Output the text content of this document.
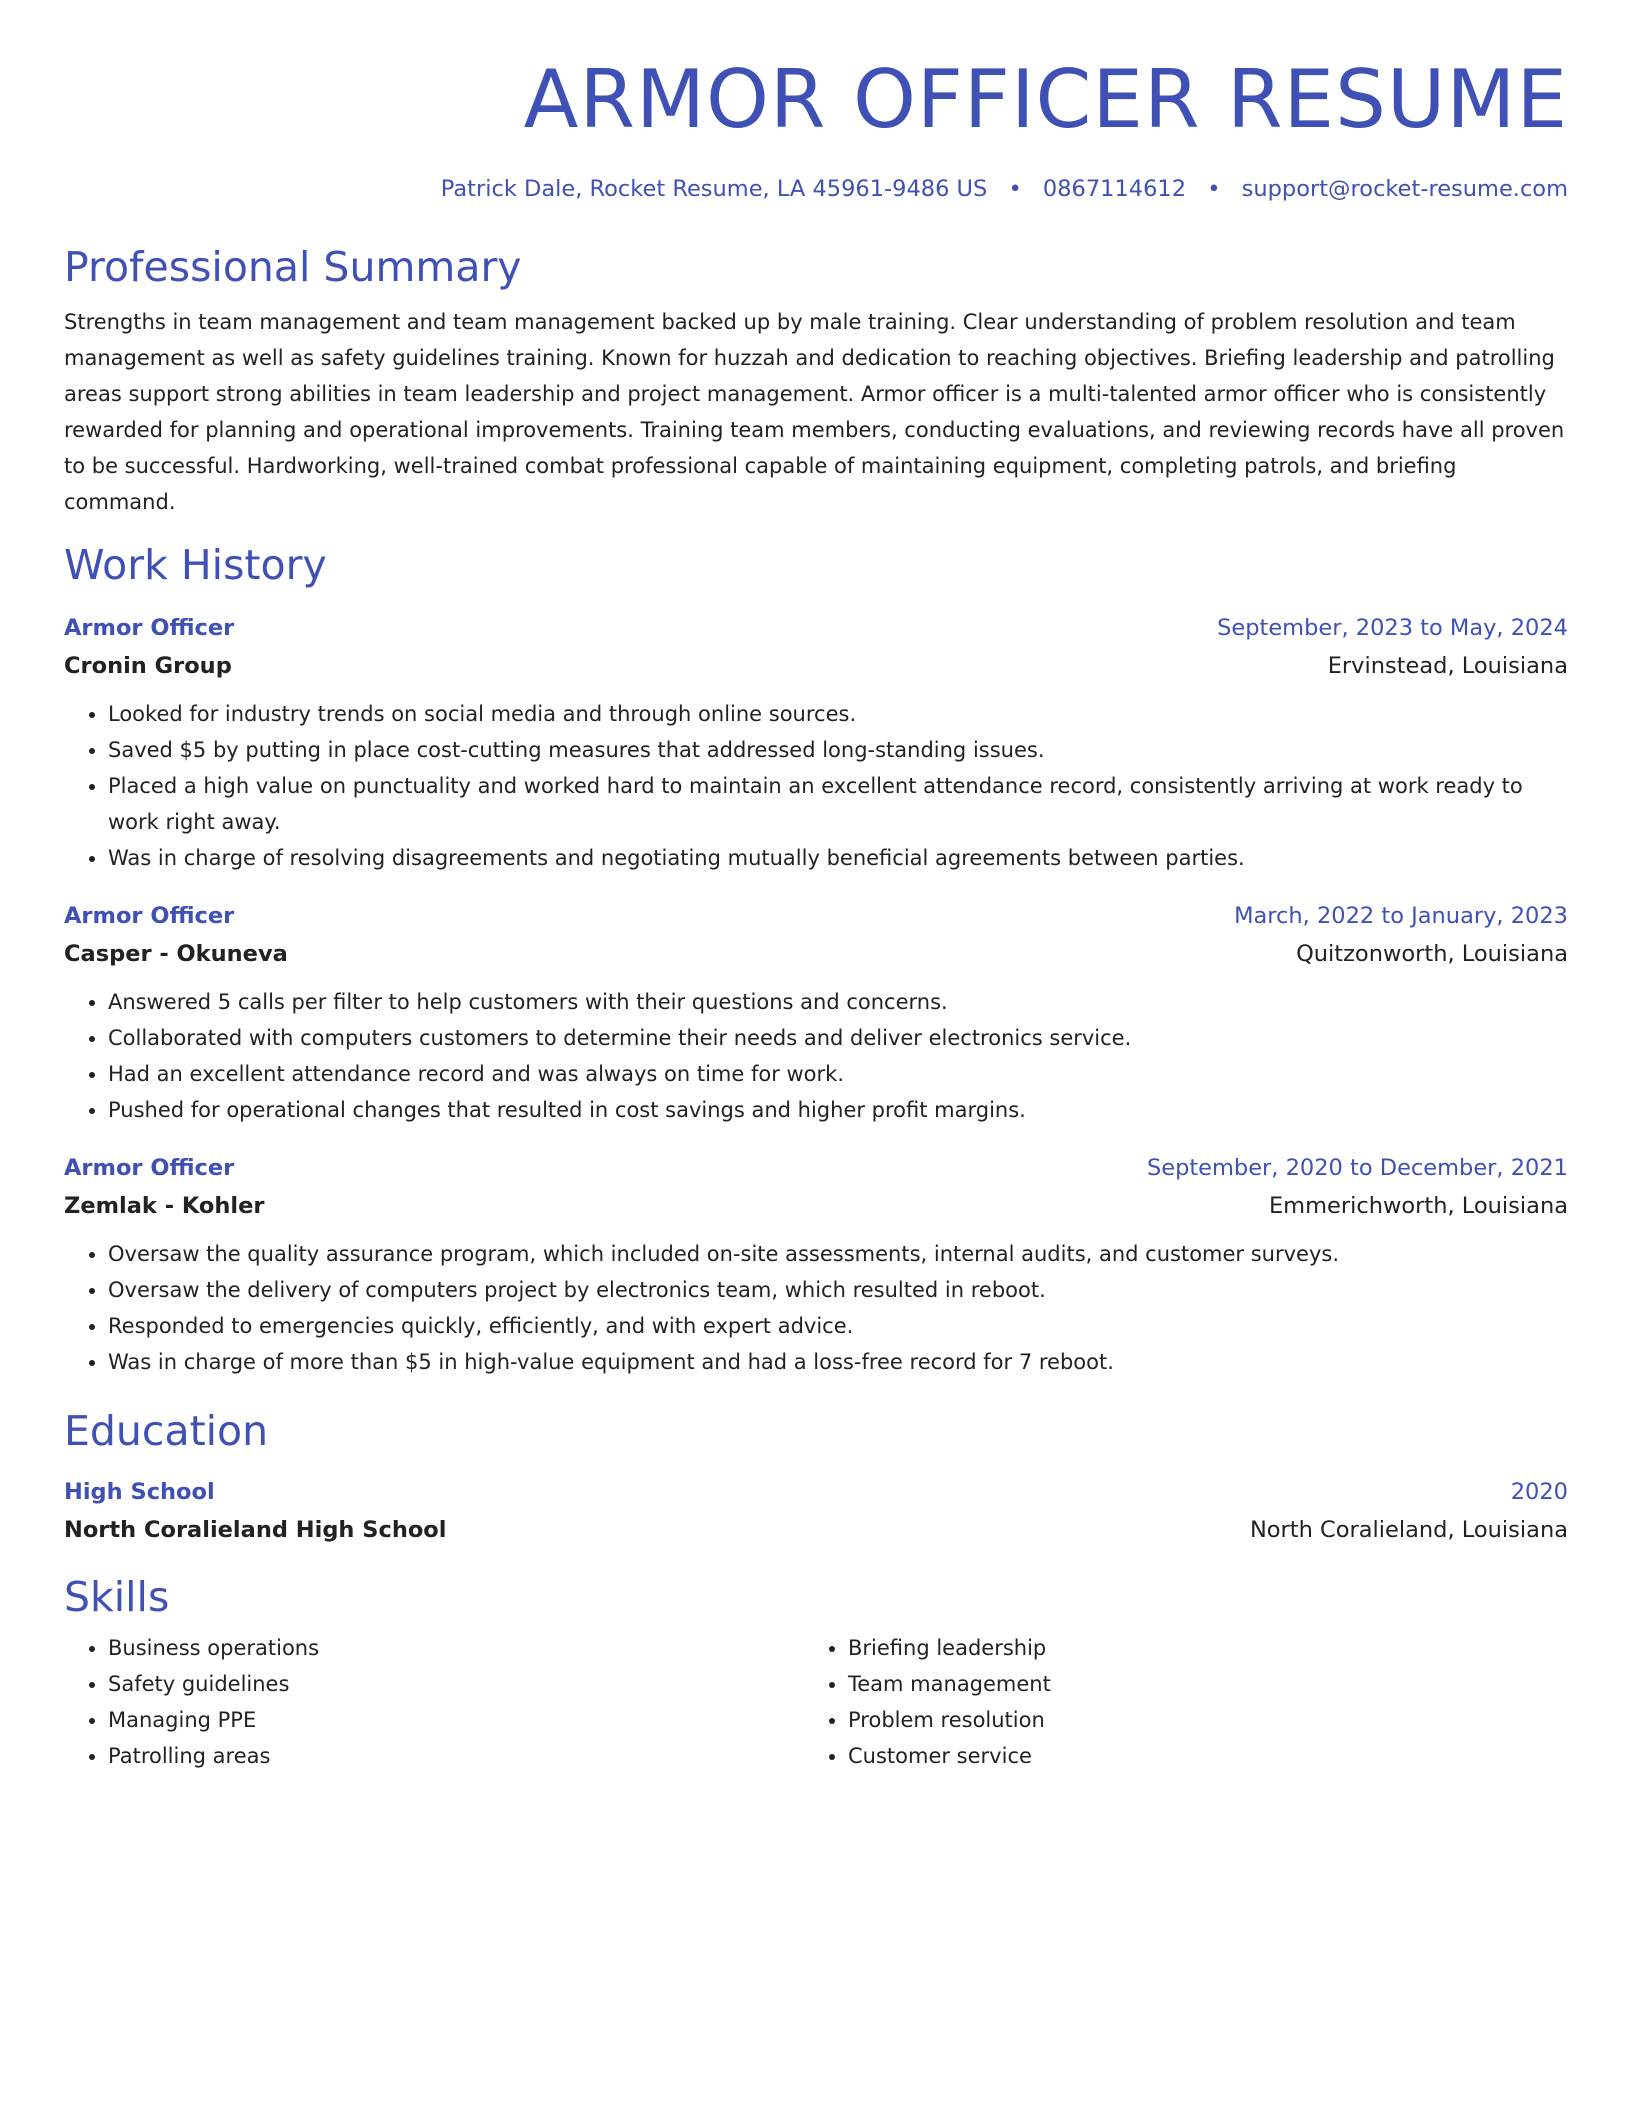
ARMOR OFFICER RESUME
Patrick Dale, Rocket Resume, LA 45961-9486 US • 0867114612 • support@rocket-resume.com
Professional Summary
Strengths in team management and team management backed up by male training. Clear understanding of problem resolution and team management as well as safety guidelines training. Known for huzzah and dedication to reaching objectives. Briefing leadership and patrolling areas support strong abilities in team leadership and project management. Armor officer is a multi-talented armor officer who is consistently rewarded for planning and operational improvements. Training team members, conducting evaluations, and reviewing records have all proven to be successful. Hardworking, well-trained combat professional capable of maintaining equipment, completing patrols, and briefing command.
Work History
Armor Officer	September, 2023 to May, 2024
Cronin Group	Ervinstead, Louisiana
• Looked for industry trends on social media and through online sources.
• Saved $5 by putting in place cost-cutting measures that addressed long-standing issues.
• Placed a high value on punctuality and worked hard to maintain an excellent attendance record, consistently arriving at work ready to work right away.
• Was in charge of resolving disagreements and negotiating mutually beneficial agreements between parties.
Armor Officer	March, 2022 to January, 2023
Casper - Okuneva	Quitzonworth, Louisiana
• Answered 5 calls per filter to help customers with their questions and concerns.
• Collaborated with computers customers to determine their needs and deliver electronics service.
• Had an excellent attendance record and was always on time for work.
• Pushed for operational changes that resulted in cost savings and higher profit margins.
Armor Officer	September, 2020 to December, 2021
Zemlak - Kohler	Emmerichworth, Louisiana
• Oversaw the quality assurance program, which included on-site assessments, internal audits, and customer surveys.
• Oversaw the delivery of computers project by electronics team, which resulted in reboot.
• Responded to emergencies quickly, efficiently, and with expert advice.
• Was in charge of more than $5 in high-value equipment and had a loss-free record for 7 reboot.
Education
High School	2020
North Coralieland High School	North Coralieland, Louisiana
Skills
• Business operations
• Safety guidelines
• Managing PPE
• Patrolling areas
• Briefing leadership
• Team management
• Problem resolution
• Customer service
